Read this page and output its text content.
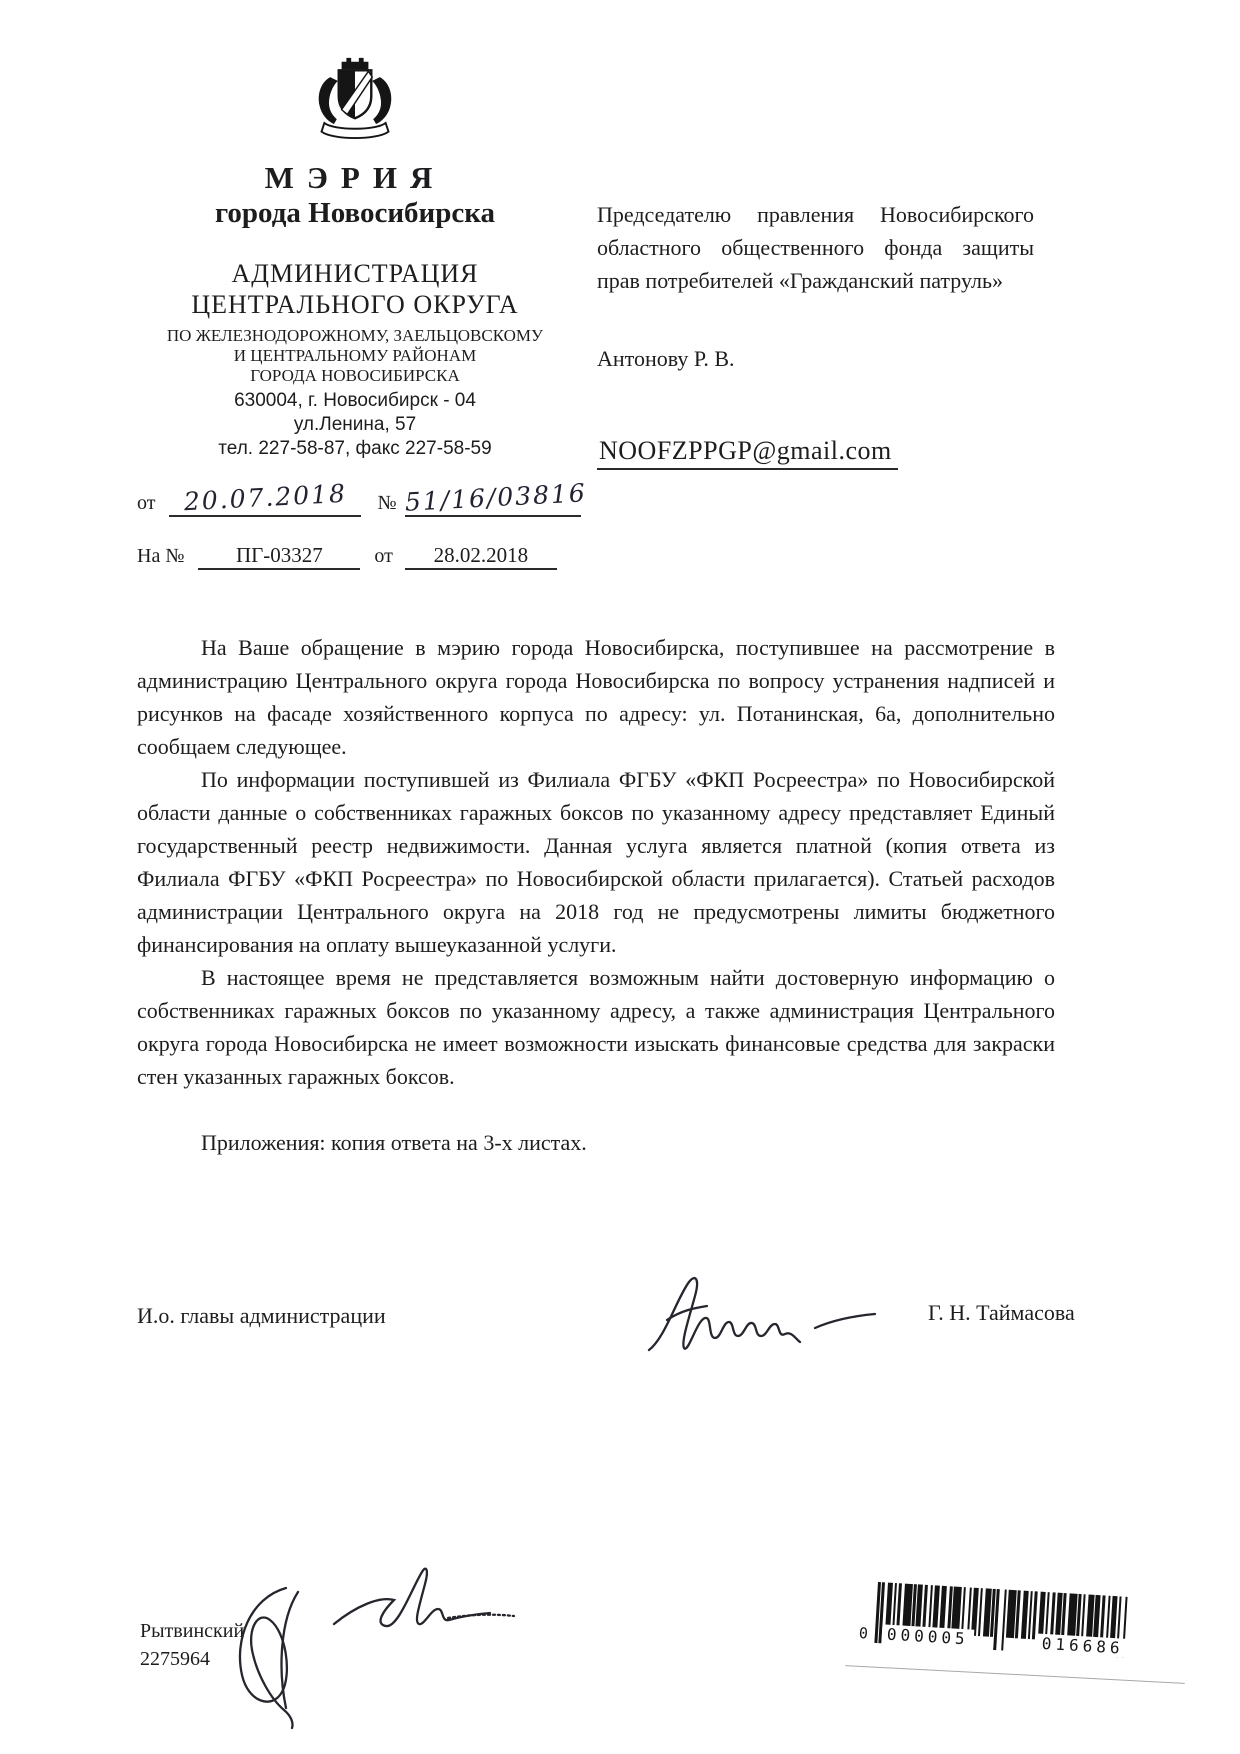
МЭРИЯ
города Новосибирска
АДМИНИСТРАЦИЯ
ЦЕНТРАЛЬНОГО ОКРУГА
ПО ЖЕЛЕЗНОДОРОЖНОМУ, ЗАЕЛЬЦОВСКОМУ
И ЦЕНТРАЛЬНОМУ РАЙОНАМ
ГОРОДА НОВОСИБИРСКА
630004, г. Новосибирск - 04
ул.Ленина, 57
тел. 227-58-87, факс 227-58-59
от	20.07.2018	№ 51/16/03816
На №	ПГ-03327	от	28.02.2018

Председателю правления Новосибирского областного общественного фонда защиты прав потребителей «Гражданский патруль»

Антонову Р. В.
NOOFZPPGP@gmail.com

На Ваше обращение в мэрию города Новосибирска, поступившее на рассмотрение в администрацию Центрального округа города Новосибирска по вопросу устранения надписей и рисунков на фасаде хозяйственного корпуса по адресу: ул. Потанинская, 6а, дополнительно сообщаем следующее.

По информации поступившей из Филиала ФГБУ «ФКП Росреестра» по Новосибирской области данные о собственниках гаражных боксов по указанному адресу представляет Единый государственный реестр недвижимости. Данная услуга является платной (копия ответа из Филиала ФГБУ «ФКП Росреестра» по Новосибирской области прилагается). Статьей расходов администрации Центрального округа на 2018 год не предусмотрены лимиты бюджетного финансирования на оплату вышеуказанной услуги.

В настоящее время не представляется возможным найти достоверную информацию о собственниках гаражных боксов по указанному адресу, а также администрация Центрального округа города Новосибирска не имеет возможности изыскать финансовые средства для закраски стен указанных гаражных боксов.

Приложения: копия ответа на 3-х листах.

И.о. главы администрации	Г. Н. Таймасова
Рытвинский
2275964
0	000005	016686
